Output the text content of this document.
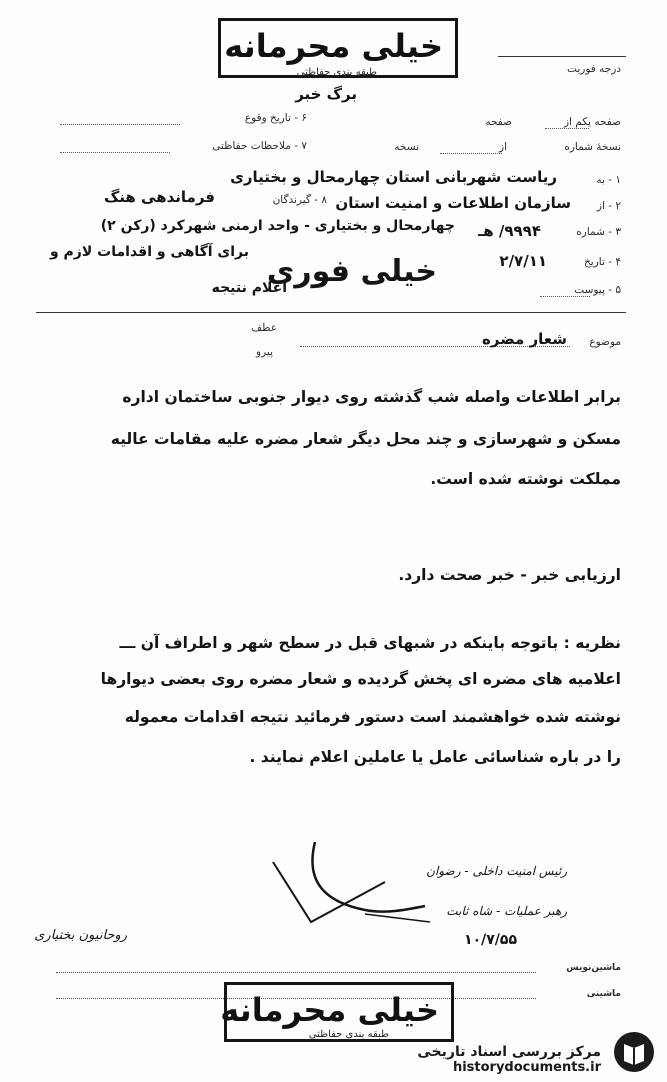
خیلی محرمانه
طبقه بندی حفاظتی
برگ خبر
درجه فوریت
صفحه یکم از
صفحه
نسخهٔ شماره
از
نسخه
۶ - تاریخ وقوع
۷ - ملاحظات حفاظتی
۱ - به
ریاست شهربانی استان چهارمحال و بختیاری
۲ - از
سازمان اطلاعات و امنیت استان
۸ - گیرندگان
فرماندهی هنگ
چهارمحال و بختیاری - واحد ارمنی شهرکرد (رکن ۲)	۳ - شماره
۹۹۹۴/ هـ
۴ - تاریخ
۲/۷/۱۱
برای آگاهی و اقدامات لازم و
خیلی فوری
۵ - پیوست
اعلام نتیجه
موضوع
شعار مضره
عطف
پیرو
برابر اطلاعات واصله شب گذشته روی دیوار جنوبی ساختمان اداره
مسکن و شهرسازی و چند محل دیگر شعار مضره علیه مقامات عالیه
مملکت نوشته شده است.
ارزیابی خبر - خبر صحت دارد.
نظریه : باتوجه باینکه در شبهای قبل در سطح شهر و اطراف آن ـــ
اعلامیه های مضره ای پخش گردیده و شعار مضره روی بعضی دیوارها
نوشته شده خواهشمند است دستور فرمائید نتیجه اقدامات معموله
را در باره شناسائی عامل یا عاملین اعلام نمایند .
رئیس امنیت داخلی - رضوان
رهبر عملیات - شاه ثابت
۱۰/۷/۵۵
روحانیون بختیاری
ماشین‌نویس
ماشینی
خیلی محرمانه
طبقه بندی حفاظتی
مرکز بررسی اسناد تاریخی
historydocuments.ir
